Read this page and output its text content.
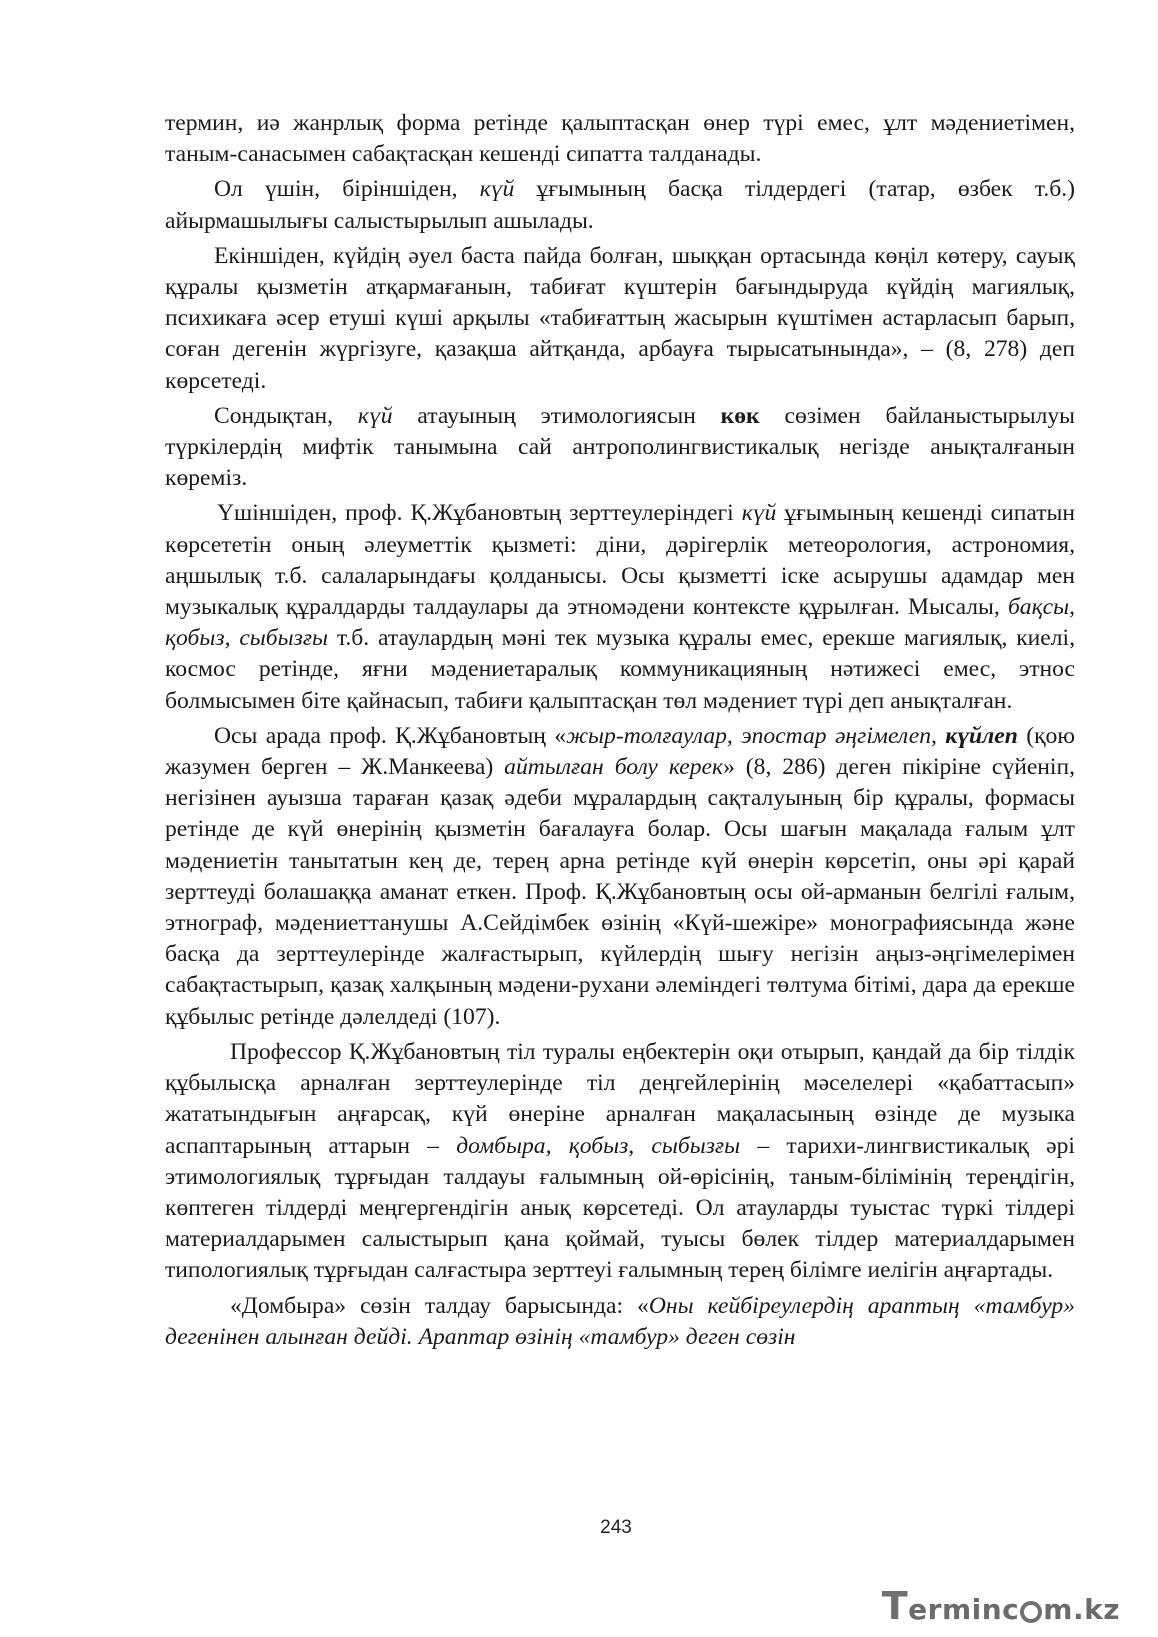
термин, иә жанрлық форма ретінде қалыптасқан өнер түрі емес, ұлт мәдениетімен, таным-санасымен сабақтасқан кешенді сипатта талданады.

Ол үшін, біріншіден, күй ұғымының басқа тілдердегі (татар, өзбек т.б.) айырмашылығы салыстырылып ашылады.

Екіншіден, күйдің әуел баста пайда болған, шыққан ортасында көңіл көтеру, сауық құралы қызметін атқармағанын, табиғат күштерін бағындыруда күйдің магиялық, психикаға әсер етуші күші арқылы «табиғаттың жасырын күштімен астарласып барып, соған дегенін жүргізуге, қазақша айтқанда, арбауға тырысатынында», – (8, 278) деп көрсетеді.

Сондықтан, күй атауының этимологиясын көк сөзімен байланыстырылуы түркілердің мифтік танымына сай антрополингвистикалық негізде анықталғанын көреміз.

Үшіншіден, проф. Қ.Жұбановтың зерттеулеріндегі күй ұғымының кешенді сипатын көрсететін оның әлеуметтік қызметі: діни, дәрігерлік метеорология, астрономия, аңшылық т.б. салаларындағы қолданысы. Осы қызметті іске асырушы адамдар мен музыкалық құралдарды талдаулары да этномәдени контексте құрылған. Мысалы, бақсы, қобыз, сыбызғы т.б. атаулардың мәні тек музыка құралы емес, ерекше магиялық, киелі, космос ретінде, яғни мәдениетаралық коммуникацияның нәтижесі емес, этнос болмысымен біте қайнасып, табиғи қалыптасқан төл мәдениет түрі деп анықталған.

Осы арада проф. Қ.Жұбановтың «жыр-толғаулар, эпостар әңгімелеп, күйлеп (қою жазумен берген – Ж.Манкеева) айтылған болу керек» (8, 286) деген пікіріне сүйеніп, негізінен ауызша тараған қазақ әдеби мұралардың сақталуының бір құралы, формасы ретінде де күй өнерінің қызметін бағалауға болар. Осы шағын мақалада ғалым ұлт мәдениетін танытатын кең де, терең арна ретінде күй өнерін көрсетіп, оны әрі қарай зерттеуді болашаққа аманат еткен. Проф. Қ.Жұбановтың осы ой-арманын белгілі ғалым, этнограф, мәдениеттанушы А.Сейдімбек өзінің «Күй-шежіре» монографиясында және басқа да зерттеулерінде жалғастырып, күйлердің шығу негізін аңыз-әңгімелерімен сабақтастырып, қазақ халқының мәдени-рухани әлеміндегі төлтума бітімі, дара да ерекше құбылыс ретінде дәлелдеді (107).

Профессор Қ.Жұбановтың тіл туралы еңбектерін оқи отырып, қандай да бір тілдік құбылысқа арналған зерттеулерінде тіл деңгейлерінің мәселелері «қабаттасып» жататындығын аңғарсақ, күй өнеріне арналған мақаласының өзінде де музыка аспаптарының аттарын – домбыра, қобыз, сыбызғы – тарихи-лингвистикалық әрі этимологиялық тұрғыдан талдауы ғалымның ой-өрісінің, таным-білімінің тереңдігін, көптеген тілдерді меңгергендігін анық көрсетеді. Ол атауларды туыстас түркі тілдері материалдарымен салыстырып қана қоймай, туысы бөлек тілдер материалдарымен типологиялық тұрғыдан салғастыра зерттеуі ғалымның терең білімге иелігін аңғартады.

«Домбыра» сөзін талдау барысында: «Оны кейбіреулердің араптың «тамбур» дегенінен алынған дейді. Араптар өзінің «тамбур» деген сөзін

243
Terminc m.kz
